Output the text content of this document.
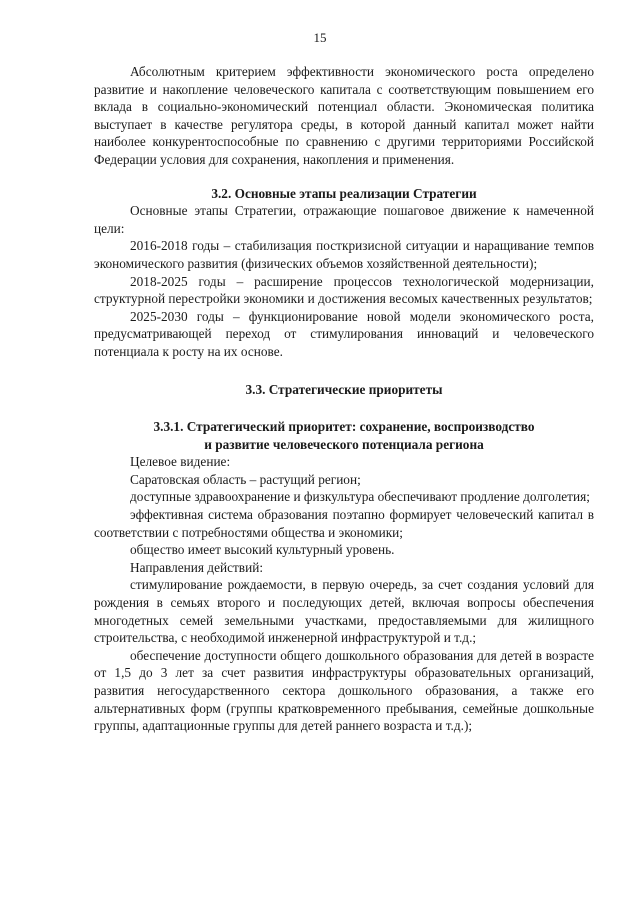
15

Абсолютным критерием эффективности экономического роста определено развитие и накопление человеческого капитала с соответствующим повышением его вклада в социально-экономический потенциал области. Экономическая политика выступает в качестве регулятора среды, в которой данный капитал может найти наиболее конкурентоспособные по сравнению с другими территориями Российской Федерации условия для сохранения, накопления и применения.

3.2. Основные этапы реализации Стратегии

Основные этапы Стратегии, отражающие пошаговое движение к намеченной цели:

2016-2018 годы – стабилизация посткризисной ситуации и наращивание темпов экономического развития (физических объемов хозяйственной деятельности);

2018-2025 годы – расширение процессов технологической модернизации, структурной перестройки экономики и достижения весомых качественных результатов;

2025-2030 годы – функционирование новой модели экономического роста, предусматривающей переход от стимулирования инноваций и человеческого потенциала к росту на их основе.

3.3. Стратегические приоритеты
3.3.1. Стратегический приоритет: сохранение, воспроизводство
и развитие человеческого потенциала региона

Целевое видение:

Саратовская область – растущий регион;

доступные здравоохранение и физкультура обеспечивают продление долголетия;

эффективная система образования поэтапно формирует человеческий капитал в соответствии с потребностями общества и экономики;

общество имеет высокий культурный уровень.

Направления действий:

стимулирование рождаемости, в первую очередь, за счет создания условий для рождения в семьях второго и последующих детей, включая вопросы обеспечения многодетных семей земельными участками, предоставляемыми для жилищного строительства, с необходимой инженерной инфраструктурой и т.д.;

обеспечение доступности общего дошкольного образования для детей в возрасте от 1,5 до 3 лет за счет развития инфраструктуры образовательных организаций, развития негосударственного сектора дошкольного образования, а также его альтернативных форм (группы кратковременного пребывания, семейные дошкольные группы, адаптационные группы для детей раннего возраста и т.д.);
